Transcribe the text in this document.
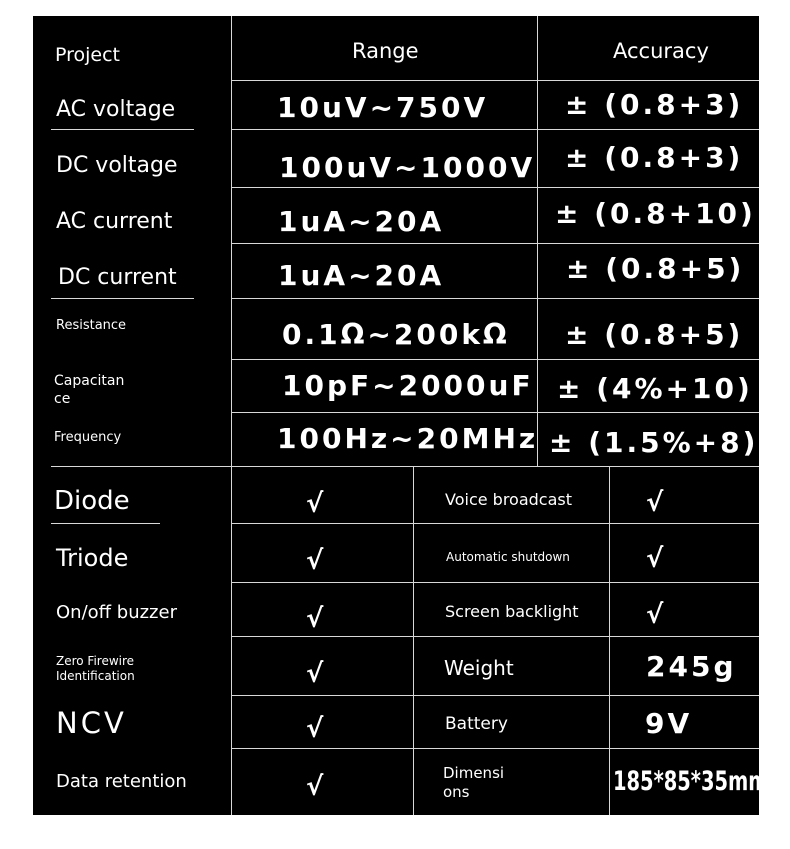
Project	Range	Accuracy
AC voltage	10uV~750V	± (0.8+3)
DC voltage	100uV~1000V ± (0.8+3)
AC current	1uA~20A	± (0.8+10)
DC current	1uA~20A	± (0.8+5)
Resistance	0.1Ω~200kΩ ± (0.8+5)
Capacitance	10pF~2000uF ± (4%+10)
Frequency	100Hz~20MHz ± (1.5%+8)
Diode	√	Voice broadcast	√
Triode	√	Automatic shutdown	√
On/off buzzer	√	Screen backlight	√
Zero Firewire Identification	√	Weight	245g
NCV	√	Battery	9V
Data retention	√	Dimensions	185*85*35mm
